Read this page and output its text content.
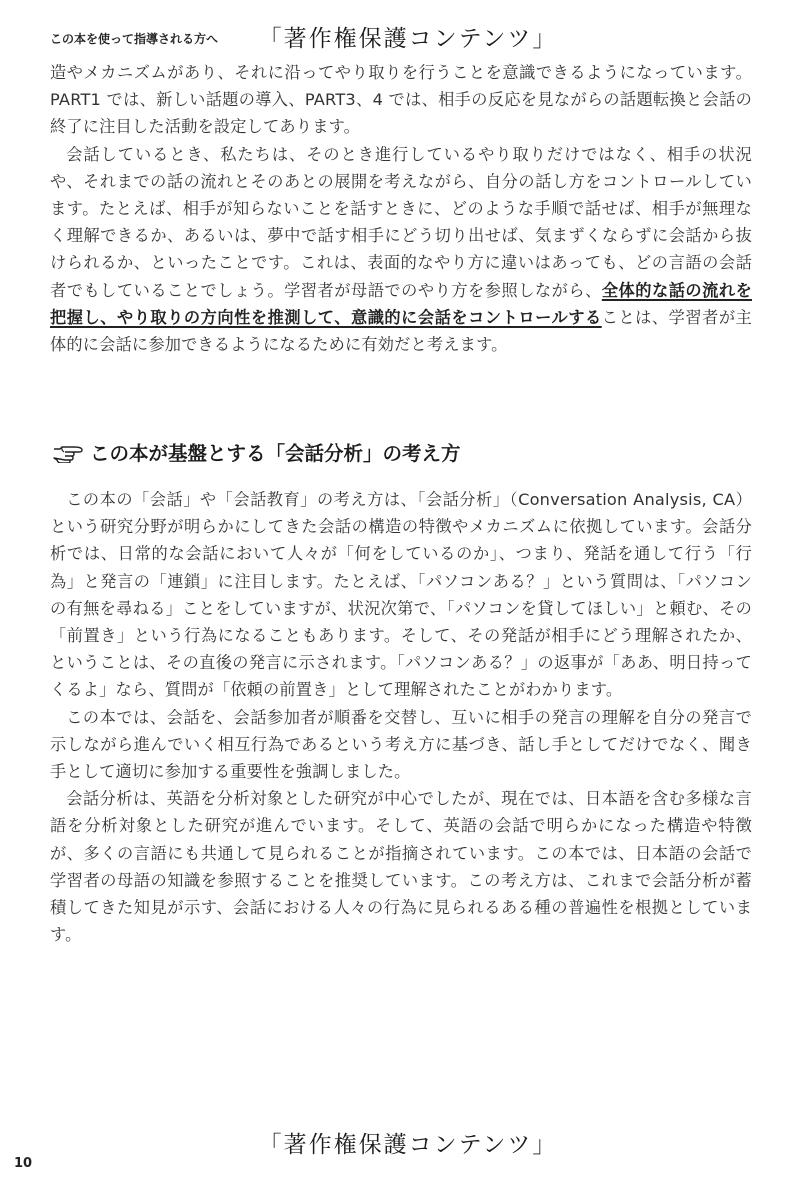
この本を使って指導される方へ	「著作権保護コンテンツ」

造やメカニズムがあり、それに沿ってやり取りを行うことを意識できるようになっています。PART1 では、新しい話題の導入、PART3、4 では、相手の反応を見ながらの話題転換と会話の終了に注目した活動を設定してあります。

会話しているとき、私たちは、そのとき進行しているやり取りだけではなく、相手の状況や、それまでの話の流れとそのあとの展開を考えながら、自分の話し方をコントロールしています。たとえば、相手が知らないことを話すときに、どのような手順で話せば、相手が無理なく理解できるか、あるいは、夢中で話す相手にどう切り出せば、気まずくならずに会話から抜けられるか、といったことです。これは、表面的なやり方に違いはあっても、どの言語の会話者でもしていることでしょう。学習者が母語でのやり方を参照しながら、全体的な話の流れを把握し、やり取りの方向性を推測して、意識的に会話をコントロールすることは、学習者が主体的に会話に参加できるようになるために有効だと考えます。

この本が基盤とする「会話分析」の考え方

この本の「会話」や「会話教育」の考え方は、「会話分析」（Conversation Analysis, CA）という研究分野が明らかにしてきた会話の構造の特徴やメカニズムに依拠しています。会話分析では、日常的な会話において人々が「何をしているのか」、つまり、発話を通して行う「行為」と発言の「連鎖」に注目します。たとえば、「パソコンある？」という質問は、「パソコンの有無を尋ねる」ことをしていますが、状況次第で、「パソコンを貸してほしい」と頼む、その「前置き」という行為になることもあります。そして、その発話が相手にどう理解されたか、ということは、その直後の発言に示されます。「パソコンある？」の返事が「ああ、明日持ってくるよ」なら、質問が「依頼の前置き」として理解されたことがわかります。

この本では、会話を、会話参加者が順番を交替し、互いに相手の発言の理解を自分の発言で示しながら進んでいく相互行為であるという考え方に基づき、話し手としてだけでなく、聞き手として適切に参加する重要性を強調しました。

会話分析は、英語を分析対象とした研究が中心でしたが、現在では、日本語を含む多様な言語を分析対象とした研究が進んでいます。そして、英語の会話で明らかになった構造や特徴が、多くの言語にも共通して見られることが指摘されています。この本では、日本語の会話で学習者の母語の知識を参照することを推奨しています。この考え方は、これまで会話分析が蓄積してきた知見が示す、会話における人々の行為に見られるある種の普遍性を根拠としています。

「著作権保護コンテンツ」
10
